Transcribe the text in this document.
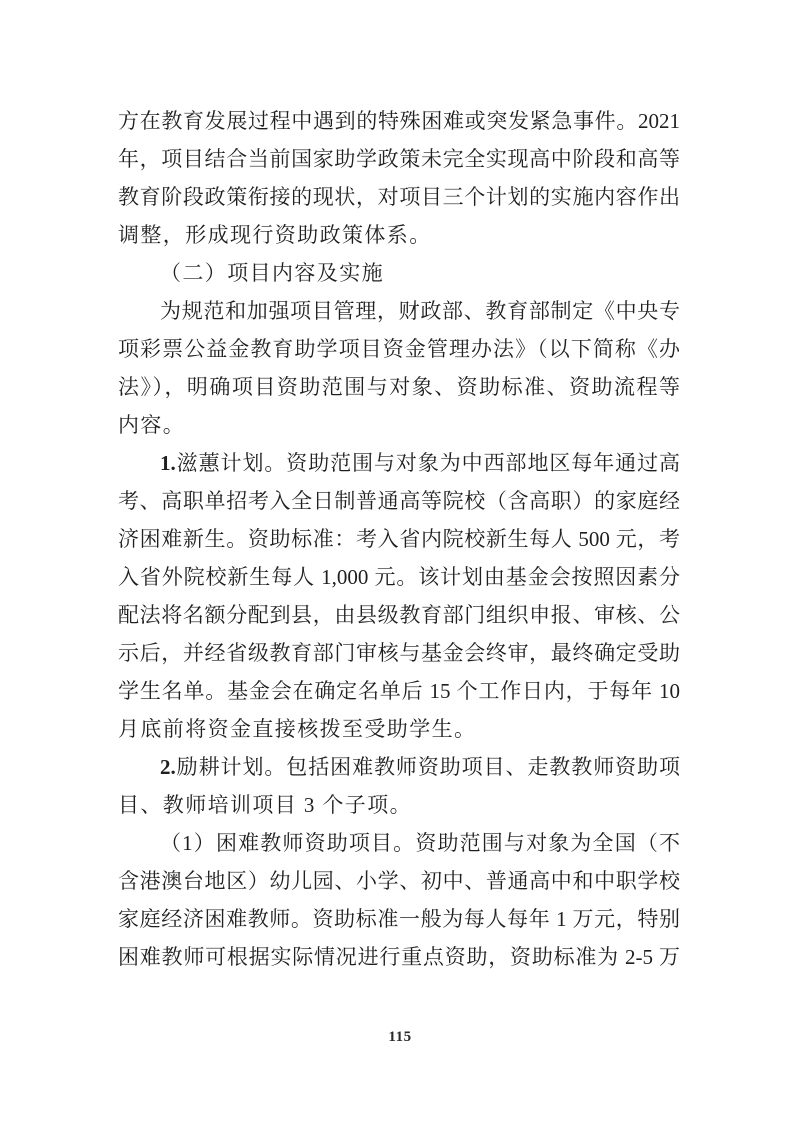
方在教育发展过程中遇到的特殊困难或突发紧急事件。2021
年，项目结合当前国家助学政策未完全实现高中阶段和高等
教育阶段政策衔接的现状，对项目三个计划的实施内容作出
调整，形成现行资助政策体系。
（二）项目内容及实施
为规范和加强项目管理，财政部、教育部制定《中央专
项彩票公益金教育助学项目资金管理办法》（以下简称《办
法》），明确项目资助范围与对象、资助标准、资助流程等
内容。
1.滋蕙计划。资助范围与对象为中西部地区每年通过高
考、高职单招考入全日制普通高等院校（含高职）的家庭经
济困难新生。资助标准：考入省内院校新生每人 500 元，考
入省外院校新生每人 1,000 元。该计划由基金会按照因素分
配法将名额分配到县，由县级教育部门组织申报、审核、公
示后，并经省级教育部门审核与基金会终审，最终确定受助
学生名单。基金会在确定名单后 15 个工作日内，于每年 10
月底前将资金直接核拨至受助学生。
2.励耕计划。包括困难教师资助项目、走教教师资助项
目、教师培训项目 3 个子项。
（1）困难教师资助项目。资助范围与对象为全国（不
含港澳台地区）幼儿园、小学、初中、普通高中和中职学校
家庭经济困难教师。资助标准一般为每人每年 1 万元，特别
困难教师可根据实际情况进行重点资助，资助标准为 2-5 万
115
